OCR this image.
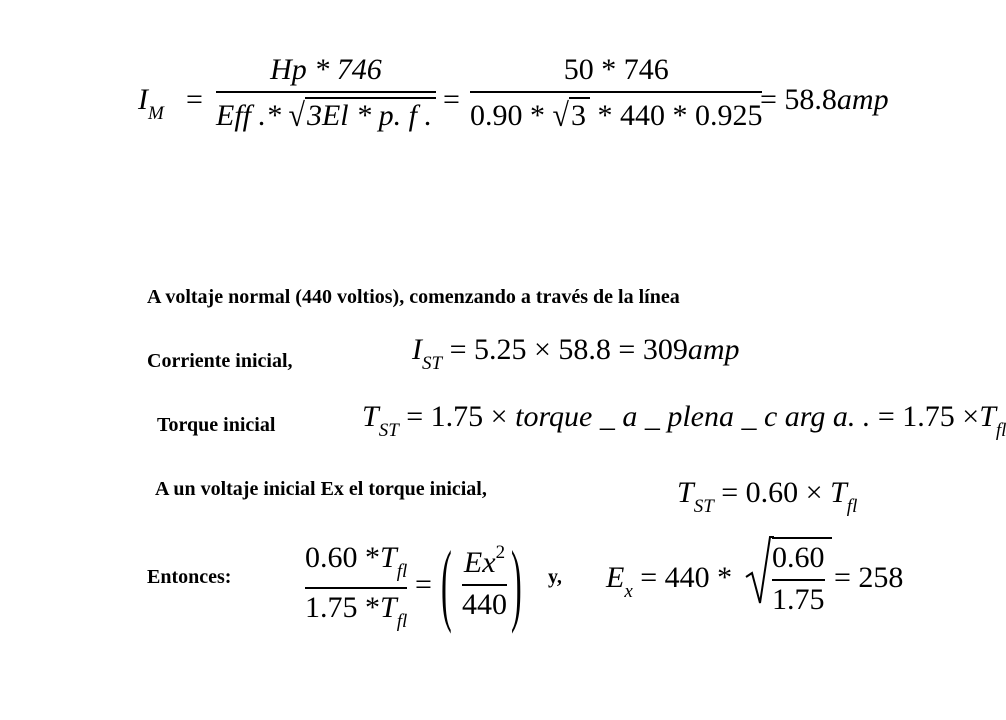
$I_M$ =
Hp * 746
Eff .* √3El * p. f . =
50 * 746
0.90 * √3 * 440 * 0.925
= 58.8amp
A voltaje normal (440 voltios), comenzando a través de la línea
Corriente inicial,	$I_{ST} = 5.25 \times 58.8 = 309amp$
Torque inicial	$T_{ST} = 1.75$ × torque _ a _ plena _ c arg a. . = $1.75 \times T_{fl}$
A un voltaje inicial Ex el torque inicial,	$T_{ST} = 0.60 \times T_{fl}$
Entonces:
0.60 $*T_{fl}$
1.75 $*T_{fl}$
= ( Ex$^2$
440 ) y, $E_x = 440$ *
0.60
1.75
= 258
